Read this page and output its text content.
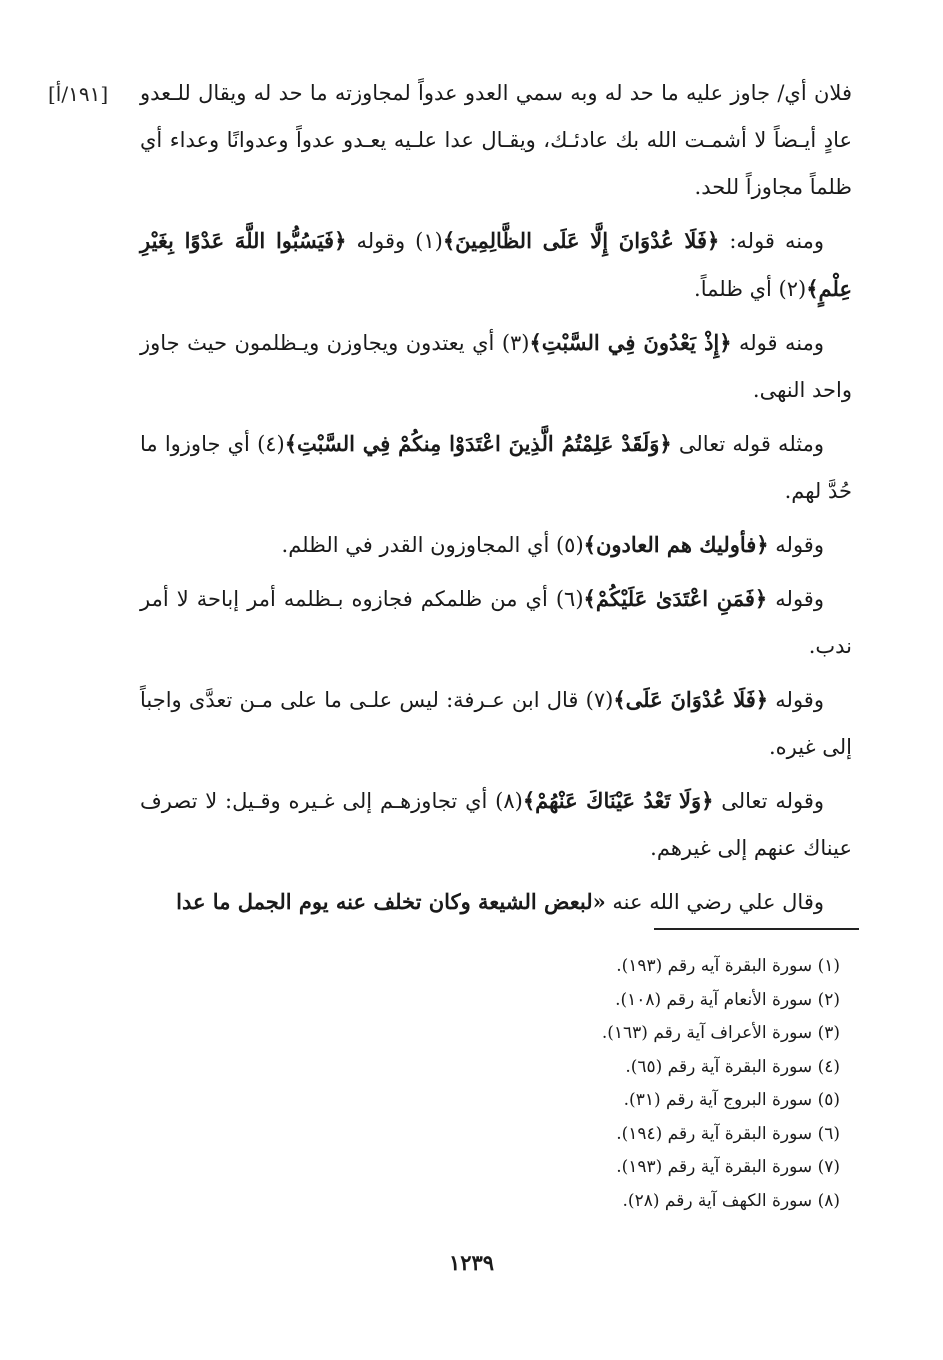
[١٩١/أ] فلان أي/ جاوز عليه ما حد له وبه سمي العدو عدواً لمجاوزته ما حد له ويقال للـعدو عادٍ أيـضاً لا أشمـت الله بك عادئـك، ويقـال عدا علـيه يعـدو عدواً وعدوانًا وعداء أي ظلماً مجاوزاً للحد.

ومنه قوله: ﴿فَلَا عُدْوَانَ إِلَّا عَلَى الظَّالِمِينَ﴾(١) وقوله ﴿فَيَسُبُّوا اللَّهَ عَدْوًا بِغَيْرِ عِلْمٍ﴾(٢) أي ظلماً.

ومنه قوله ﴿إِذْ يَعْدُونَ فِي السَّبْتِ﴾(٣) أي يعتدون ويجاوزن ويـظلمون حيث جاوز واحد النهى.

ومثله قوله تعالى ﴿وَلَقَدْ عَلِمْتُمُ الَّذِينَ اعْتَدَوْا مِنكُمْ فِي السَّبْتِ﴾(٤) أي جاوزوا ما حُدَّ لهم.

وقوله ﴿فأوليك هم العادون﴾(٥) أي المجاوزون القدر في الظلم.

وقوله ﴿فَمَنِ اعْتَدَىٰ عَلَيْكُمْ﴾(٦) أي من ظلمكم فجازوه بـظلمه أمر إباحة لا أمر ندب.

وقوله ﴿فَلَا عُدْوَانَ عَلَى﴾(٧) قال ابن عـرفة: ليس علـى ما على مـن تعدَّى واجباً إلى غيره.

وقوله تعالى ﴿وَلَا تَعْدُ عَيْنَاكَ عَنْهُمْ﴾(٨) أي تجاوزهـم إلى غـيره وقـيل: لا تصرف عيناك عنهم إلى غيرهم.

وقال علي رضي الله عنه «لبعض الشيعة وكان تخلف عنه يوم الجمل ما عدا

(١) سورة البقرة آيه رقم (١٩٣).
(٢) سورة الأنعام آية رقم (١٠٨).
(٣) سورة الأعراف آية رقم (١٦٣).
(٤) سورة البقرة آية رقم (٦٥).
(٥) سورة البروج آية رقم (٣١).
(٦) سورة البقرة آية رقم (١٩٤).
(٧) سورة البقرة آية رقم (١٩٣).
(٨) سورة الكهف آية رقم (٢٨).
١٢٣٩
